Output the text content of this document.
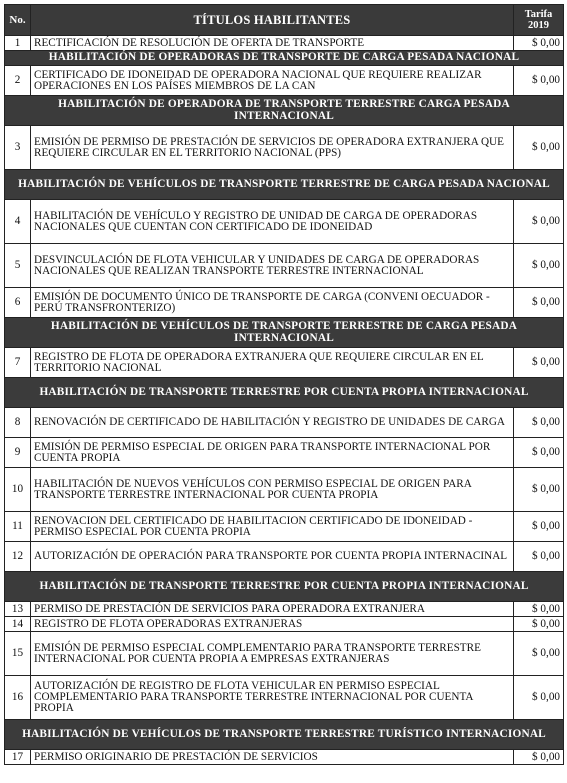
No.	TÍTULOS HABILITANTES	Tarifa
2019
1	RECTIFICACIÓN DE RESOLUCIÓN DE OFERTA DE TRANSPORTE	$ 0,00
HABILITACIÓN DE OPERADORAS DE TRANSPORTE DE CARGA PESADA NACIONAL		
2	CERTIFICADO DE IDONEIDAD DE OPERADORA NACIONAL QUE REQUIERE REALIZAR OPERACIONES EN LOS PAÍSES MIEMBROS DE LA CAN	$ 0,00
HABILITACIÓN DE OPERADORA DE TRANSPORTE TERRESTRE CARGA PESADA INTERNACIONAL		
3	EMISIÓN DE PERMISO DE PRESTACIÓN DE SERVICIOS DE OPERADORA EXTRANJERA QUE REQUIERE CIRCULAR EN EL TERRITORIO NACIONAL (PPS)	$ 0,00
HABILITACIÓN DE VEHÍCULOS DE TRANSPORTE TERRESTRE DE CARGA PESADA NACIONAL		
4	HABILITACIÓN DE VEHÍCULO Y REGISTRO DE UNIDAD DE CARGA DE OPERADORAS NACIONALES QUE CUENTAN CON CERTIFICADO DE IDONEIDAD	$ 0,00
5	DESVINCULACIÓN DE FLOTA VEHICULAR Y UNIDADES DE CARGA DE OPERADORAS NACIONALES QUE REALIZAN TRANSPORTE TERRESTRE INTERNACIONAL	$ 0,00
6	EMISIÓN DE DOCUMENTO ÚNICO DE TRANSPORTE DE CARGA (CONVENI OECUADOR - PERÚ TRANSFRONTERIZO)	$ 0,00
HABILITACIÓN DE VEHÍCULOS DE TRANSPORTE TERRESTRE DE CARGA PESADA INTERNACIONAL		
7	REGISTRO DE FLOTA DE OPERADORA EXTRANJERA QUE REQUIERE CIRCULAR EN EL TERRITORIO NACIONAL	$ 0,00
HABILITACIÓN DE TRANSPORTE TERRESTRE POR CUENTA PROPIA INTERNACIONAL		
8	RENOVACIÓN DE CERTIFICADO DE HABILITACIÓN Y REGISTRO DE UNIDADES DE CARGA	$ 0,00
9	EMISIÓN DE PERMISO ESPECIAL DE ORIGEN PARA TRANSPORTE INTERNACIONAL POR CUENTA PROPIA	$ 0,00
10	HABILITACIÓN DE NUEVOS VEHÍCULOS CON PERMISO ESPECIAL DE ORIGEN PARA TRANSPORTE TERRESTRE INTERNACIONAL POR CUENTA PROPIA	$ 0,00
11	RENOVACION DEL CERTIFICADO DE HABILITACION CERTIFICADO DE IDONEIDAD - PERMISO ESPECIAL POR CUENTA PROPIA	$ 0,00
12	AUTORIZACIÓN DE OPERACIÓN PARA TRANSPORTE POR CUENTA PROPIA INTERNACINAL	$ 0,00
HABILITACIÓN DE TRANSPORTE TERRESTRE POR CUENTA PROPIA INTERNACIONAL		
13	PERMISO DE PRESTACIÓN DE SERVICIOS PARA OPERADORA EXTRANJERA	$ 0,00
14	REGISTRO DE FLOTA OPERADORAS EXTRANJERAS	$ 0,00
15	EMISIÓN DE PERMISO ESPECIAL COMPLEMENTARIO PARA TRANSPORTE TERRESTRE INTERNACIONAL POR CUENTA PROPIA A EMPRESAS EXTRANJERAS	$ 0,00
16	AUTORIZACIÓN DE REGISTRO DE FLOTA VEHICULAR EN PERMISO ESPECIAL COMPLEMENTARIO PARA TRANSPORTE TERRESTRE INTERNACIONAL POR CUENTA PROPIA	$ 0,00
HABILITACIÓN DE VEHÍCULOS DE TRANSPORTE TERRESTRE TURÍSTICO INTERNACIONAL		
17	PERMISO ORIGINARIO DE PRESTACIÓN DE SERVICIOS	$ 0,00
